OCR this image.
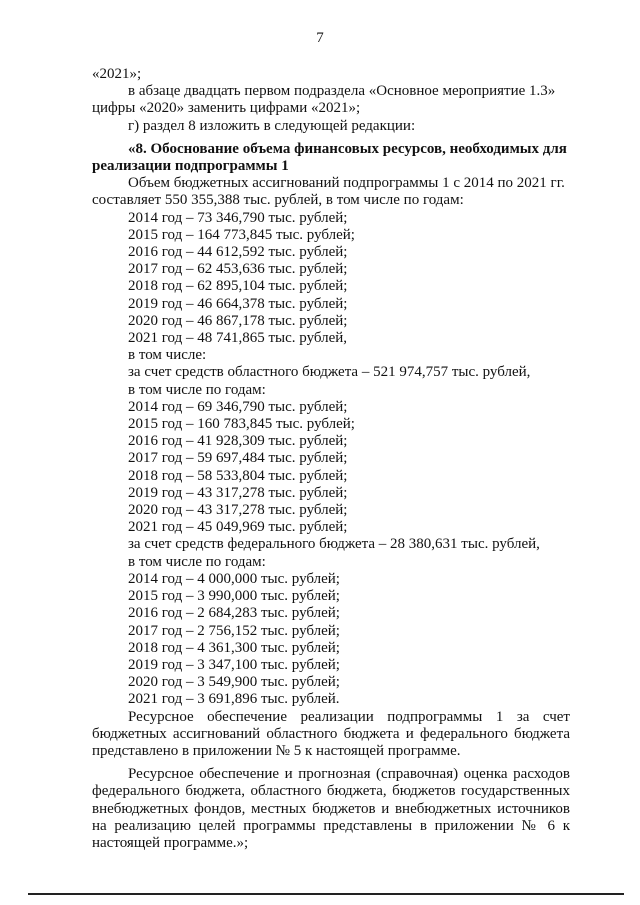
7
«2021»;
в абзаце двадцать первом подраздела «Основное мероприятие 1.3»
цифры «2020» заменить цифрами «2021»;
г) раздел 8 изложить в следующей редакции:
«8. Обоснование объема финансовых ресурсов, необходимых для
реализации подпрограммы 1
Объем бюджетных ассигнований подпрограммы 1 с 2014 по 2021 гг.
составляет 550 355,388 тыс. рублей, в том числе по годам:
2014 год – 73 346,790 тыс. рублей;
2015 год – 164 773,845 тыс. рублей;
2016 год – 44 612,592 тыс. рублей;
2017 год – 62 453,636 тыс. рублей;
2018 год – 62 895,104 тыс. рублей;
2019 год – 46 664,378 тыс. рублей;
2020 год – 46 867,178 тыс. рублей;
2021 год – 48 741,865 тыс. рублей,
в том числе:
за счет средств областного бюджета – 521 974,757 тыс. рублей,
в том числе по годам:
2014 год – 69 346,790 тыс. рублей;
2015 год – 160 783,845 тыс. рублей;
2016 год – 41 928,309 тыс. рублей;
2017 год – 59 697,484 тыс. рублей;
2018 год – 58 533,804 тыс. рублей;
2019 год – 43 317,278 тыс. рублей;
2020 год – 43 317,278 тыс. рублей;
2021 год – 45 049,969 тыс. рублей;
за счет средств федерального бюджета – 28 380,631 тыс. рублей,
в том числе по годам:
2014 год – 4 000,000 тыс. рублей;
2015 год – 3 990,000 тыс. рублей;
2016 год – 2 684,283 тыс. рублей;
2017 год – 2 756,152 тыс. рублей;
2018 год – 4 361,300 тыс. рублей;
2019 год – 3 347,100 тыс. рублей;
2020 год – 3 549,900 тыс. рублей;
2021 год – 3 691,896 тыс. рублей.
Ресурсное обеспечение реализации подпрограммы 1 за счет бюджетных ассигнований областного бюджета и федерального бюджета представлено в приложении № 5 к настоящей программе.
Ресурсное обеспечение и прогнозная (справочная) оценка расходов федерального бюджета, областного бюджета, бюджетов государственных внебюджетных фондов, местных бюджетов и внебюджетных источников на реализацию целей программы представлены в приложении № 6 к настоящей программе.»;
